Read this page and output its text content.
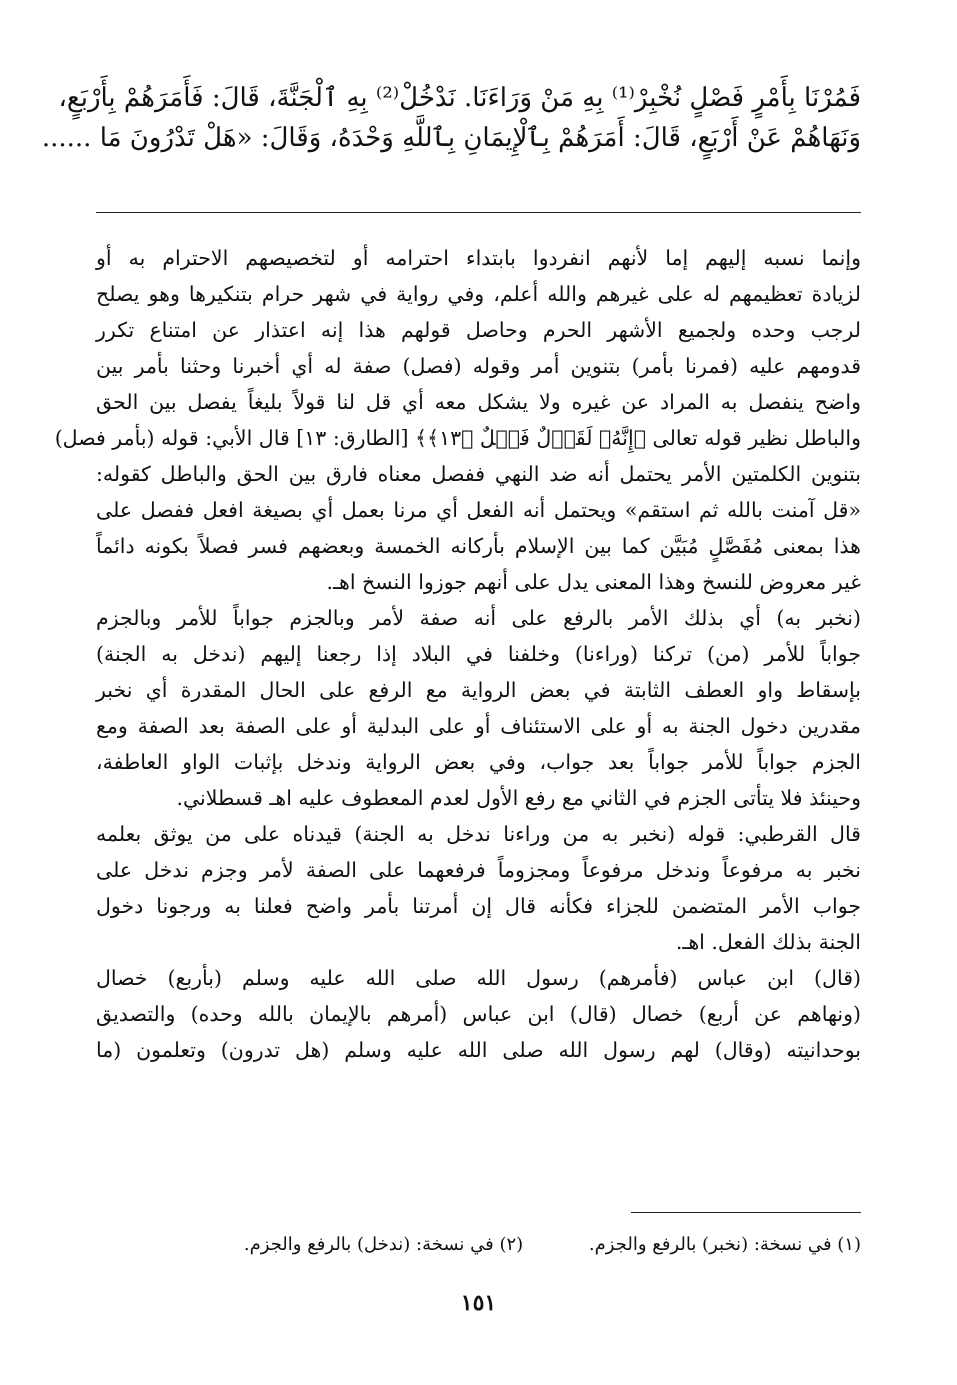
فَمُرْنَا بِأَمْرٍ فَصْلٍ نُخْبِرْ⁽¹⁾ بِهِ مَنْ وَرَاءَنَا. نَدْخُلْ⁽²⁾ بِهِ ٱلْجَنَّةَ، قَالَ: فَأَمَرَهُمْ بِأَرْبَعٍ،
وَنَهَاهُمْ عَنْ أَرْبَعٍ، قَالَ: أَمَرَهُمْ بِٱلْإِيمَانِ بِٱللَّهِ وَحْدَهُ، وَقَالَ: «هَلْ تَدْرُونَ مَا ......
وإنما نسبه إليهم إما لأنهم انفردوا بابتداء احترامه أو لتخصيصهم الاحترام به أو
لزيادة تعظيمهم له على غيرهم والله أعلم، وفي رواية في شهر حرام بتنكيرها وهو يصلح
لرجب وحده ولجميع الأشهر الحرم وحاصل قولهم هذا إنه اعتذار عن امتناع تكرر
قدومهم عليه (فمرنا بأمر) بتنوين أمر وقوله (فصل) صفة له أي أخبرنا وحثنا بأمر بين
واضح ينفصل به المراد عن غيره ولا يشكل معه أي قل لنا قولاً بليغاً يفصل بين الحق
والباطل نظير قوله تعالى ﴿إِنَّهُۥ لَقَوۡلٌ فَصۡلٌ ﴿١٣﴾﴾ [الطارق: ١٣] قال الأبي: قوله (بأمر فصل)
بتنوين الكلمتين الأمر يحتمل أنه ضد النهي ففصل معناه فارق بين الحق والباطل كقوله:
«قل آمنت بالله ثم استقم» ويحتمل أنه الفعل أي مرنا بعمل أي بصيغة افعل ففصل على
هذا بمعنى مُفَصَّلٍ مُبَيَّن كما بين الإسلام بأركانه الخمسة وبعضهم فسر فصلاً بكونه دائماً
غير معروض للنسخ وهذا المعنى يدل على أنهم جوزوا النسخ اهـ.
(نخبر به) أي بذلك الأمر بالرفع على أنه صفة لأمر وبالجزم جواباً للأمر وبالجزم
جواباً للأمر (من) تركنا (وراءنا) وخلفنا في البلاد إذا رجعنا إليهم (ندخل به الجنة)
بإسقاط واو العطف الثابتة في بعض الرواية مع الرفع على الحال المقدرة أي نخبر
مقدرين دخول الجنة به أو على الاستئناف أو على البدلية أو على الصفة بعد الصفة ومع
الجزم جواباً للأمر جواباً بعد جواب، وفي بعض الرواية وندخل بإثبات الواو العاطفة،
وحينئذ فلا يتأتى الجزم في الثاني مع رفع الأول لعدم المعطوف عليه اهـ قسطلاني.
قال القرطبي: قوله (نخبر به من وراءنا ندخل به الجنة) قيدناه على من يوثق بعلمه
نخبر به مرفوعاً وندخل مرفوعاً ومجزوماً فرفعهما على الصفة لأمر وجزم ندخل على
جواب الأمر المتضمن للجزاء فكأنه قال إن أمرتنا بأمر واضح فعلنا به ورجونا دخول
الجنة بذلك الفعل. اهـ.
(قال) ابن عباس (فأمرهم) رسول الله صلى الله عليه وسلم (بأربع) خصال
(ونهاهم عن أربع) خصال (قال) ابن عباس (أمرهم بالإيمان بالله وحده) والتصديق
بوحدانيته (وقال) لهم رسول الله صلى الله عليه وسلم (هل تدرون) وتعلمون (ما
(١) في نسخة: (نخبر) بالرفع والجزم. (٢) في نسخة: (ندخل) بالرفع والجزم.
١٥١
